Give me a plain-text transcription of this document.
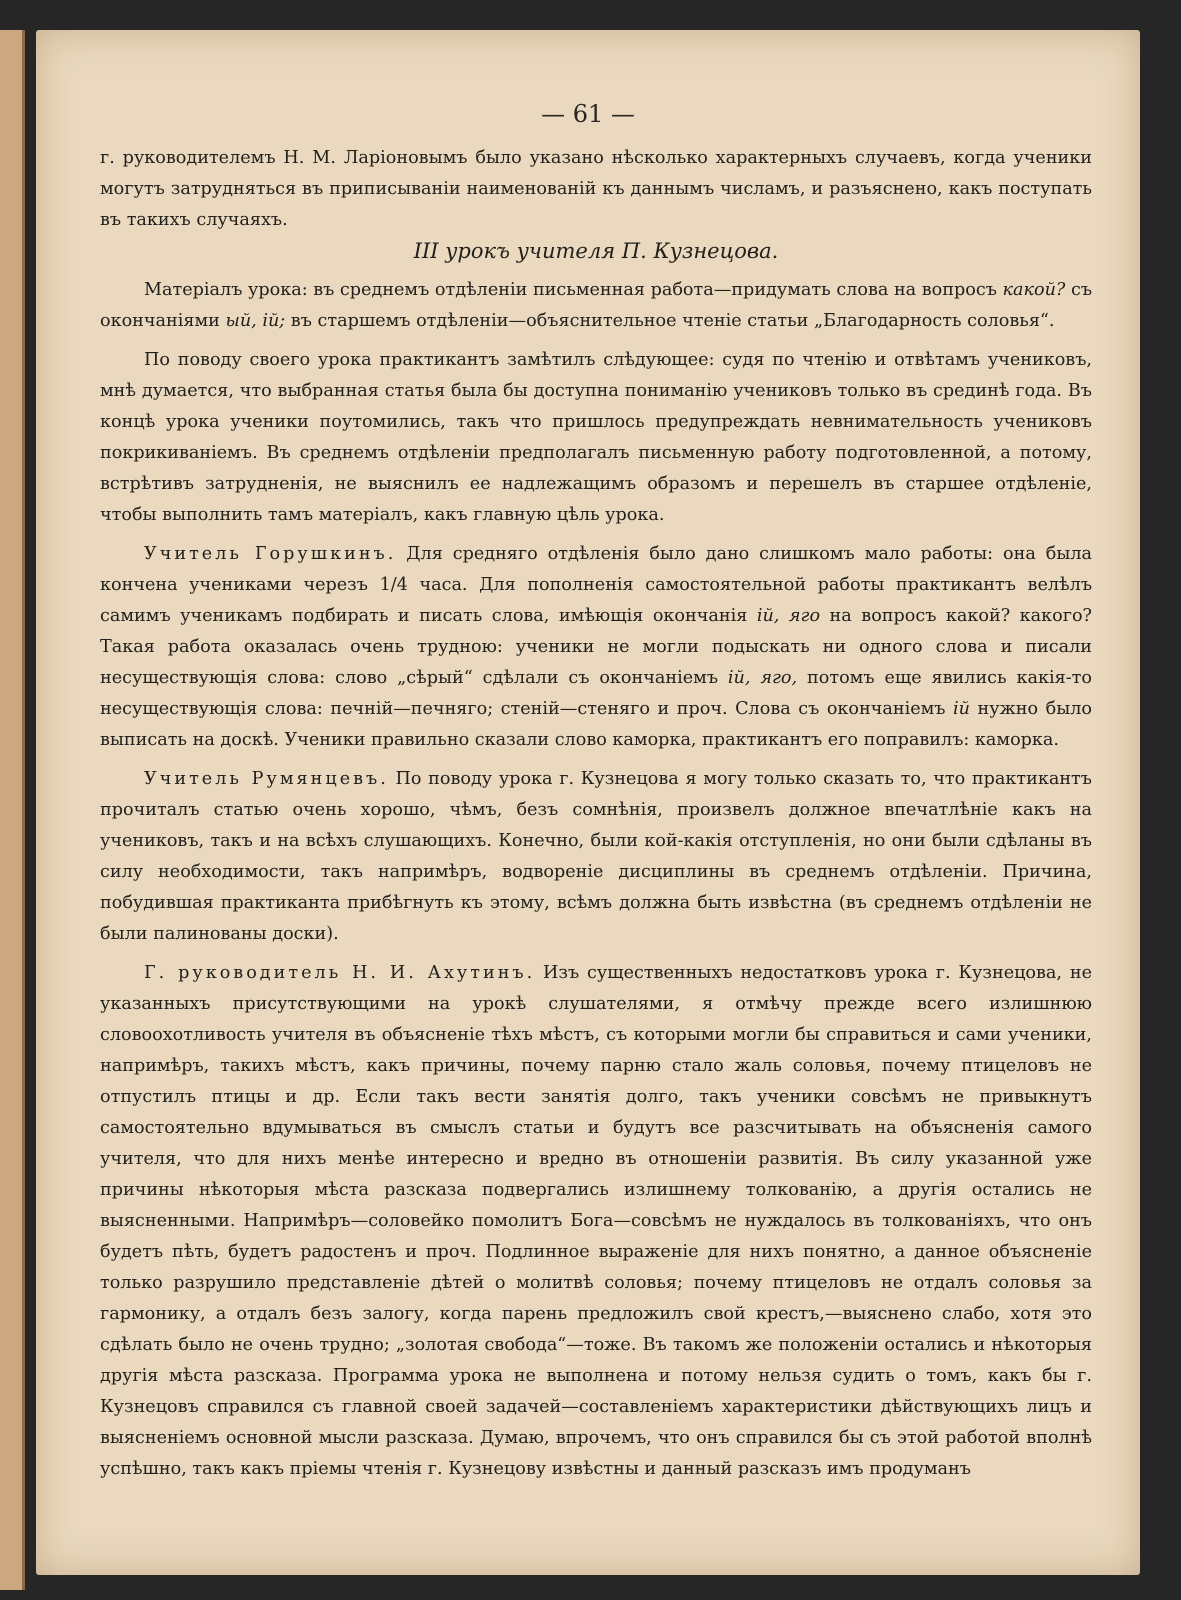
— 61 —

г. руководителемъ Н. М. Ларіоновымъ было указано нѣсколько характерныхъ случаевъ, когда ученики могутъ затрудняться въ приписываніи наименованій къ даннымъ числамъ, и разъяснено, какъ поступать въ такихъ случаяхъ.

III урокъ учителя П. Кузнецова.

Матеріалъ урока: въ среднемъ отдѣленіи письменная работа—придумать слова на вопросъ какой? съ окончаніями ый, ій; въ старшемъ отдѣленіи—объяснительное чтеніе статьи „Благодарность соловья“.

По поводу своего урока практикантъ замѣтилъ слѣдующее: судя по чтенію и отвѣтамъ учениковъ, мнѣ думается, что выбранная статья была бы доступна пониманію учениковъ только въ срединѣ года. Въ концѣ урока ученики поутомились, такъ что пришлось предупреждать невнимательность учениковъ покрикиваніемъ. Въ среднемъ отдѣленіи предполагалъ письменную работу подготовленной, а потому, встрѣтивъ затрудненія, не выяснилъ ее надлежащимъ образомъ и перешелъ въ старшее отдѣленіе, чтобы выполнить тамъ матеріалъ, какъ главную цѣль урока.

Учитель Горушкинъ. Для средняго отдѣленія было дано слишкомъ мало работы: она была кончена учениками черезъ 1/4 часа. Для пополненія самостоятельной работы практикантъ велѣлъ самимъ ученикамъ подбирать и писать слова, имѣющія окончанія ій, яго на вопросъ какой? какого? Такая работа оказалась очень трудною: ученики не могли подыскать ни одного слова и писали несуществующія слова: слово „сѣрый“ сдѣлали съ окончаніемъ ій, яго, потомъ еще явились какія-то несуществующія слова: печній—печняго; стеній—стеняго и проч. Слова съ окончаніемъ ій нужно было выписать на доскѣ. Ученики правильно сказали слово каморка, практикантъ его поправилъ: каморка.

Учитель Румянцевъ. По поводу урока г. Кузнецова я могу только сказать то, что практикантъ прочиталъ статью очень хорошо, чѣмъ, безъ сомнѣнія, произвелъ должное впечатлѣніе какъ на учениковъ, такъ и на всѣхъ слушающихъ. Конечно, были кой-какія отступленія, но они были сдѣланы въ силу необходимости, такъ напримѣръ, водвореніе дисциплины въ среднемъ отдѣленіи. Причина, побудившая практиканта прибѣгнуть къ этому, всѣмъ должна быть извѣстна (въ среднемъ отдѣленіи не были палинованы доски).

Г. руководитель Н. И. Ахутинъ. Изъ существенныхъ недостатковъ урока г. Кузнецова, не указанныхъ присутствующими на урокѣ слушателями, я отмѣчу прежде всего излишнюю словоохотливость учителя въ объясненіе тѣхъ мѣстъ, съ которыми могли бы справиться и сами ученики, напримѣръ, такихъ мѣстъ, какъ причины, почему парню стало жаль соловья, почему птицеловъ не отпустилъ птицы и др. Если такъ вести занятія долго, такъ ученики совсѣмъ не привыкнутъ самостоятельно вдумываться въ смыслъ статьи и будутъ все разсчитывать на объясненія самого учителя, что для нихъ менѣе интересно и вредно въ отношеніи развитія. Въ силу указанной уже причины нѣкоторыя мѣста разсказа подвергались излишнему толкованію, а другія остались не выясненными. Напримѣръ—соловейко помолитъ Бога—совсѣмъ не нуждалось въ толкованіяхъ, что онъ будетъ пѣть, будетъ радостенъ и проч. Подлинное выраженіе для нихъ понятно, а данное объясненіе только разрушило представленіе дѣтей о молитвѣ соловья; почему птицеловъ не отдалъ соловья за гармонику, а отдалъ безъ залогу, когда парень предложилъ свой крестъ,—выяснено слабо, хотя это сдѣлать было не очень трудно; „золотая свобода“—тоже. Въ такомъ же положеніи остались и нѣкоторыя другія мѣста разсказа. Программа урока не выполнена и потому нельзя судить о томъ, какъ бы г. Кузнецовъ справился съ главной своей задачей—составленіемъ характеристики дѣйствующихъ лицъ и выясненіемъ основной мысли разсказа. Думаю, впрочемъ, что онъ справился бы съ этой работой вполнѣ успѣшно, такъ какъ пріемы чтенія г. Кузнецову извѣстны и данный разсказъ имъ продуманъ
